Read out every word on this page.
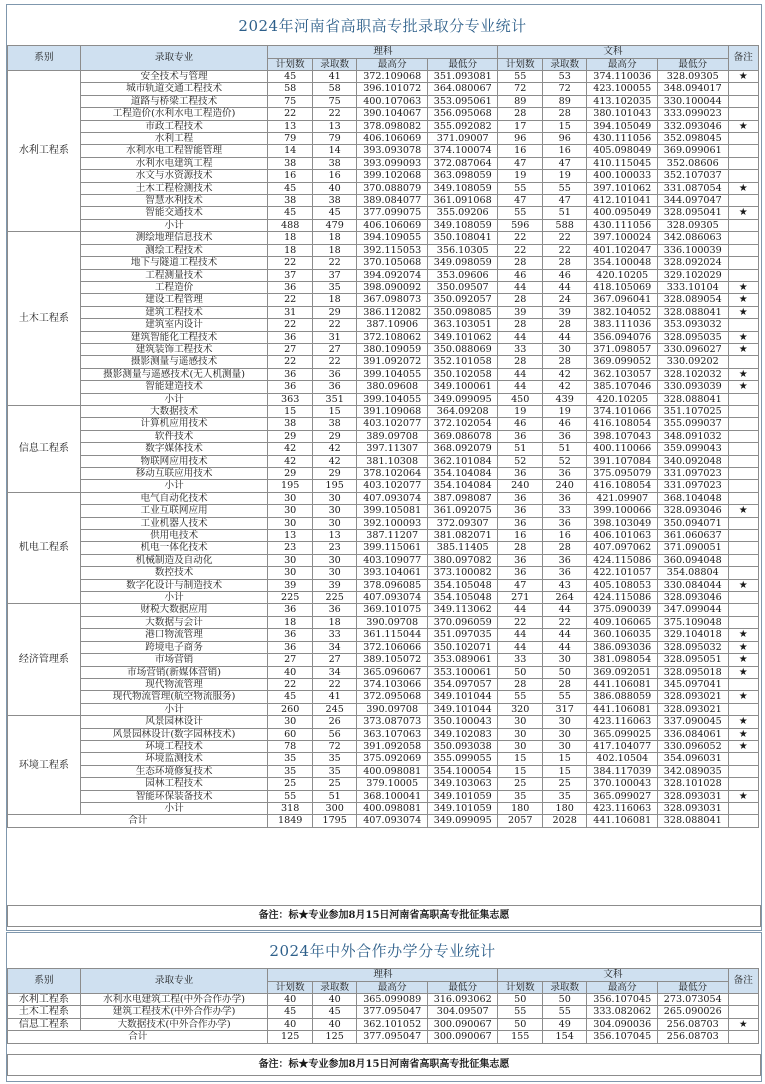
2024年河南省高职高专批录取分专业统计
系别	录取专业	理科				文科				备注
		计划数	录取数	最高分	最低分	计划数	录取数	最高分	最低分	
水利工程系	安全技术与管理	45	41	372.109068	351.093081	55	53	374.110036	328.09305	★
	城市轨道交通工程技术	58	58	396.101072	364.080067	72	72	423.100055	348.094017	
	道路与桥梁工程技术	75	75	400.107063	353.095061	89	89	413.102035	330.100044	
	工程造价(水利水电工程造价)	22	22	390.104067	356.095068	28	28	380.101043	333.099023	
	市政工程技术	13	13	378.098082	355.092082	17	15	394.105049	332.093046	★
	水利工程	79	79	406.106069	371.09007	96	96	430.111056	352.098045	
	水利水电工程智能管理	14	14	393.093078	374.100074	16	16	405.098049	369.099061	
	水利水电建筑工程	38	38	393.099093	372.087064	47	47	410.115045	352.08606	
	水文与水资源技术	16	16	399.102068	363.098059	19	19	400.100033	352.107037	
	土木工程检测技术	45	40	370.088079	349.108059	55	55	397.101062	331.087054	★
	智慧水利技术	38	38	389.084077	361.091068	47	47	412.101041	344.097047	
	智能交通技术	45	45	377.099075	355.09206	55	51	400.095049	328.095041	★
	小计	488	479	406.106069	349.108059	596	588	430.111056	328.09305	
土木工程系	测绘地理信息技术	18	18	394.109055	350.108041	22	22	397.100024	342.086063	
	测绘工程技术	18	18	392.115053	356.10305	22	22	401.102047	336.100039	
	地下与隧道工程技术	22	22	370.105068	349.098059	28	28	354.100048	328.092024	
	工程测量技术	37	37	394.092074	353.09606	46	46	420.10205	329.102029	
	工程造价	36	35	398.090092	350.09507	44	44	418.105069	333.10104	★
	建设工程管理	22	18	367.098073	350.092057	28	24	367.096041	328.089054	★
	建筑工程技术	31	29	386.112082	350.098085	39	39	382.104052	328.088041	★
	建筑室内设计	22	22	387.10906	363.103051	28	28	383.111036	353.093032	
	建筑智能化工程技术	36	31	372.108062	349.101062	44	44	356.094076	328.095035	★
	建筑装饰工程技术	27	27	380.109059	350.088069	33	30	371.098057	330.096027	★
	摄影测量与遥感技术	22	22	391.092072	352.101058	28	28	369.099052	330.09202	
	摄影测量与遥感技术(无人机测量)	36	36	399.104055	350.102058	44	42	362.103057	328.102032	★
	智能建造技术	36	36	380.09608	349.100061	44	42	385.107046	330.093039	★
	小计	363	351	399.104055	349.099095	450	439	420.10205	328.088041	
信息工程系	大数据技术	15	15	391.109068	364.09208	19	19	374.101066	351.107025	
	计算机应用技术	38	38	403.102077	372.102054	46	46	416.108054	355.099037	
	软件技术	29	29	389.09708	369.086078	36	36	398.107043	348.091032	
	数字媒体技术	42	42	397.11307	368.092079	51	51	400.110066	359.099043	
	物联网应用技术	42	42	381.10308	362.101084	52	52	391.107084	340.092048	
	移动互联应用技术	29	29	378.102064	354.104084	36	36	375.095079	331.097023	
	小计	195	195	403.102077	354.104084	240	240	416.108054	331.097023	
机电工程系	电气自动化技术	30	30	407.093074	387.098087	36	36	421.09907	368.104048	
	工业互联网应用	30	30	399.105081	361.092075	36	33	399.100066	328.093046	★
	工业机器人技术	30	30	392.100093	372.09307	36	36	398.103049	350.094071	
	供用电技术	13	13	387.11207	381.082071	16	16	406.101063	361.060637	
	机电一体化技术	23	23	399.115061	385.11405	28	28	407.097062	371.090051	
	机械制造及自动化	30	30	403.109077	380.097082	36	36	424.115086	360.094048	
	数控技术	30	30	393.104061	373.100082	36	36	422.101057	354.08804	
	数字化设计与制造技术	39	39	378.096085	354.105048	47	43	405.108053	330.084044	★
	小计	225	225	407.093074	354.105048	271	264	424.115086	328.093046	
经济管理系	财税大数据应用	36	36	369.101075	349.113062	44	44	375.090039	347.099044	
	大数据与会计	18	18	390.09708	370.096059	22	22	409.106065	375.109048	
	港口物流管理	36	33	361.115044	351.097035	44	44	360.106035	329.104018	★
	跨境电子商务	36	34	372.106066	350.102071	44	44	386.093036	328.095032	★
	市场营销	27	27	389.105072	353.089061	33	30	381.098054	328.095051	★
	市场营销(新媒体营销)	40	34	365.096067	353.100061	50	50	369.092051	328.095018	★
	现代物流管理	22	22	374.103066	354.097057	28	28	441.106081	345.097041	
	现代物流管理(航空物流服务)	45	41	372.095068	349.101044	55	55	386.088059	328.093021	★
	小计	260	245	390.09708	349.101044	320	317	441.106081	328.093021	
环境工程系	风景园林设计	30	26	373.087073	350.100043	30	30	423.116063	337.090045	★
	风景园林设计(数字园林技术)	60	56	363.107063	349.102083	30	30	365.099025	336.084061	★
	环境工程技术	78	72	391.092058	350.093038	30	30	417.104077	330.096052	★
	环境监测技术	35	35	375.092069	355.099055	15	15	402.10504	354.096031	
	生态环境修复技术	35	35	400.098081	354.100054	15	15	384.117039	342.089035	
	园林工程技术	25	25	379.10005	349.103063	25	25	370.100043	328.101028	
	智能环保装备技术	55	51	368.100041	349.101059	35	35	365.099027	328.093031	★
	小计	318	300	400.098081	349.101059	180	180	423.116063	328.093031	
合计		1849	1795	407.093074	349.099095	2057	2028	441.106081	328.088041	
备注：标★专业参加8月15日河南省高职高专批征集志愿
2024年中外合作办学分专业统计
系别	录取专业	理科				文科				备注
		计划数	录取数	最高分	最低分	计划数	录取数	最高分	最低分	
水利工程系	水利水电建筑工程(中外合作办学)	40	40	365.099089	316.093062	50	50	356.107045	273.073054	
土木工程系	建筑工程技术(中外合作办学)	45	45	377.095047	304.09507	55	55	333.082062	265.090026	
信息工程系	大数据技术(中外合作办学)	40	40	362.101052	300.090067	50	49	304.090036	256.08703	★
合计		125	125	377.095047	300.090067	155	154	356.107045	256.08703	
备注：标★专业参加8月15日河南省高职高专批征集志愿
